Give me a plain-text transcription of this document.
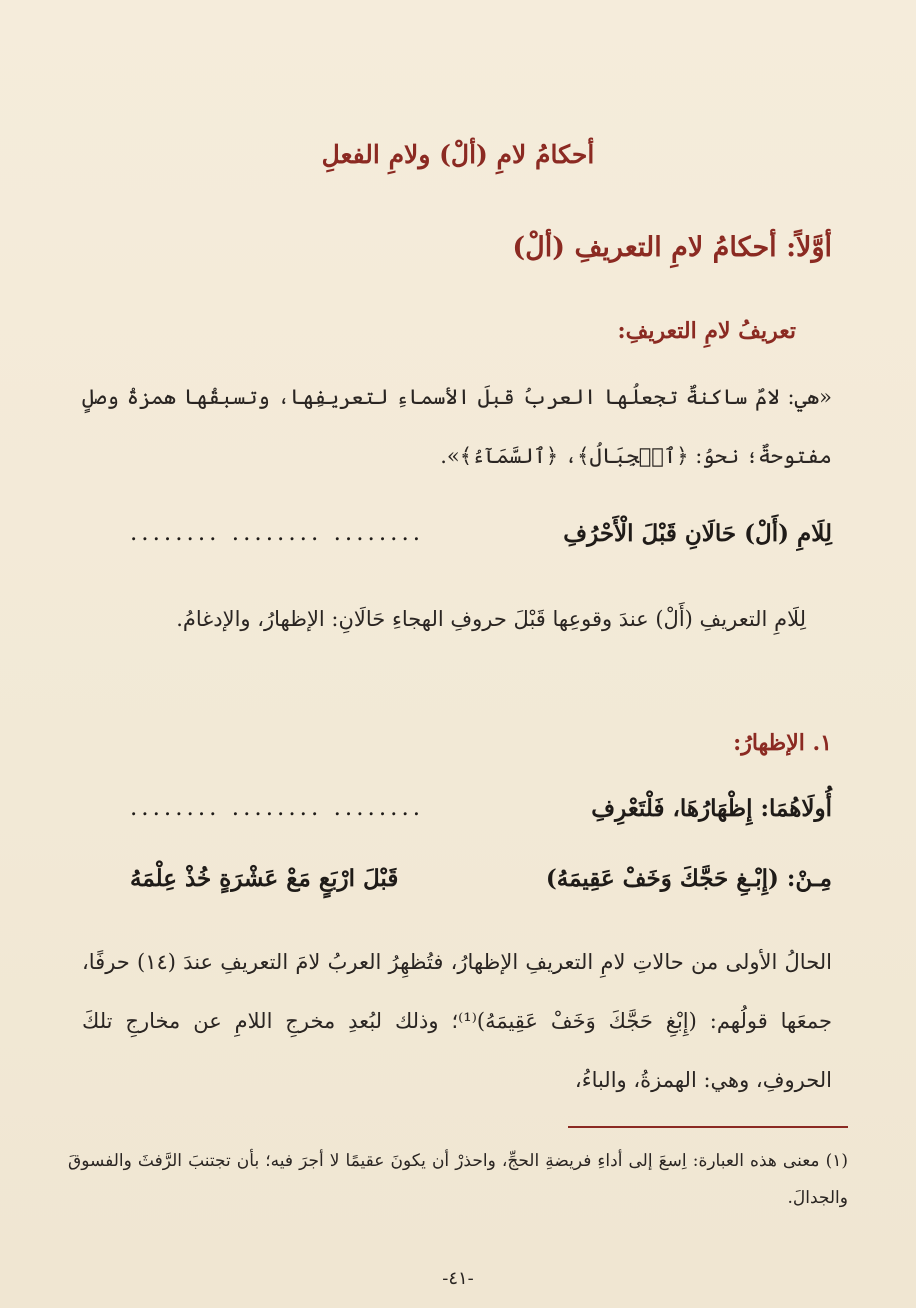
أحكامُ لامِ (ألْ) ولامِ الفعلِ
أوَّلاً: أحكامُ لامِ التعريفِ (ألْ)
تعريفُ لامِ التعريفِ:
«هي: لامٌ ساكنةٌ تجعلُها العربُ قبلَ الأسماءِ لتعريفِها، وتسبقُها همزةُ وصلٍ مفتوحةٌ؛ نحوُ: ﴿ٱلۡجِبَالُ﴾، ﴿ٱلسَّمَآءُ﴾».
لِلَامِ (أَلْ) حَالَانِ قَبْلَ الْأَحْرُفِ
........ ........ ........
لِلَامِ التعريفِ (أَلْ) عندَ وقوعِها قَبْلَ حروفِ الهجاءِ حَالَانِ: الإظهارُ، والإدغامُ.
١. الإظهارُ:
أُولَاهُمَا: إِظْهَارُهَا، فَلْتَعْرِفِ
........ ........ ........
مِـنْ: (إِبْـغِ حَجَّكَ وَخَفْ عَقِيمَهُ)
قَبْلَ ارْبَعٍ مَعْ عَشْرَةٍ خُذْ عِلْمَهُ
الحالُ الأولى من حالاتِ لامِ التعريفِ الإظهارُ، فتُظهِرُ العربُ لامَ التعريفِ عندَ (١٤) حرفًا، جمعَها قولُهم: (إِبْغِ حَجَّكَ وَخَفْ عَقِيمَهُ)⁽¹⁾؛ وذلك لبُعدِ مخرجِ اللامِ عن مخارجِ تلكَ الحروفِ، وهي: الهمزةُ، والباءُ،
(١) معنى هذه العبارة: اِسعَ إلى أداءِ فريضةِ الحجِّ، واحذرْ أن يكونَ عقيمًا لا أجرَ فيه؛ بأن تجتنبَ الرَّفثَ والفسوقَ والجدالَ.
-٤١-
